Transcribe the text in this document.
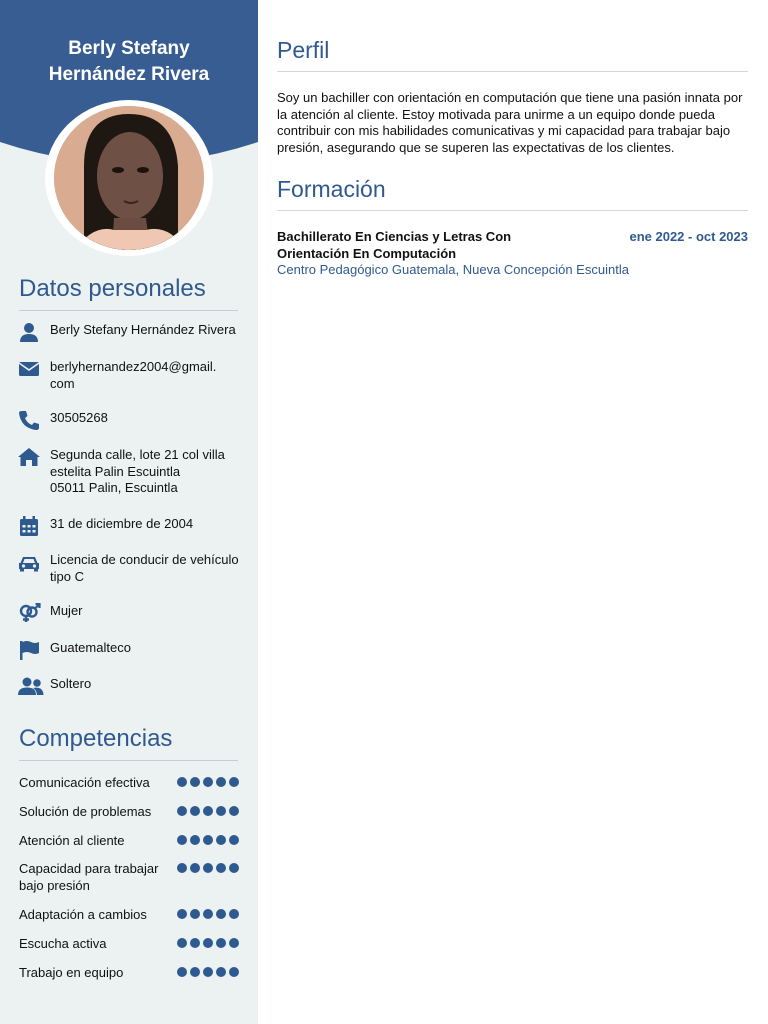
Berly Stefany
Hernández Rivera
Datos personales
Berly Stefany Hernández Rivera
berlyhernandez2004@gmail.
com
30505268
Segunda calle, lote 21 col villa
estelita Palin Escuintla
05011 Palin, Escuintla
31 de diciembre de 2004
Licencia de conducir de vehículo
tipo C
Mujer
Guatemalteco
Soltero
Competencias
Comunicación efectiva
Solución de problemas
Atención al cliente
Capacidad para trabajar bajo presión
Adaptación a cambios
Escucha activa
Trabajo en equipo
Perfil
Soy un bachiller con orientación en computación que tiene una pasión innata por la atención al cliente. Estoy motivada para unirme a un equipo donde pueda contribuir con mis habilidades comunicativas y mi capacidad para trabajar bajo presión, asegurando que se superen las expectativas de los clientes.
Formación
Bachillerato En Ciencias y Letras Con Orientación En Computación
ene 2022 - oct 2023
Centro Pedagógico Guatemala, Nueva Concepción Escuintla
